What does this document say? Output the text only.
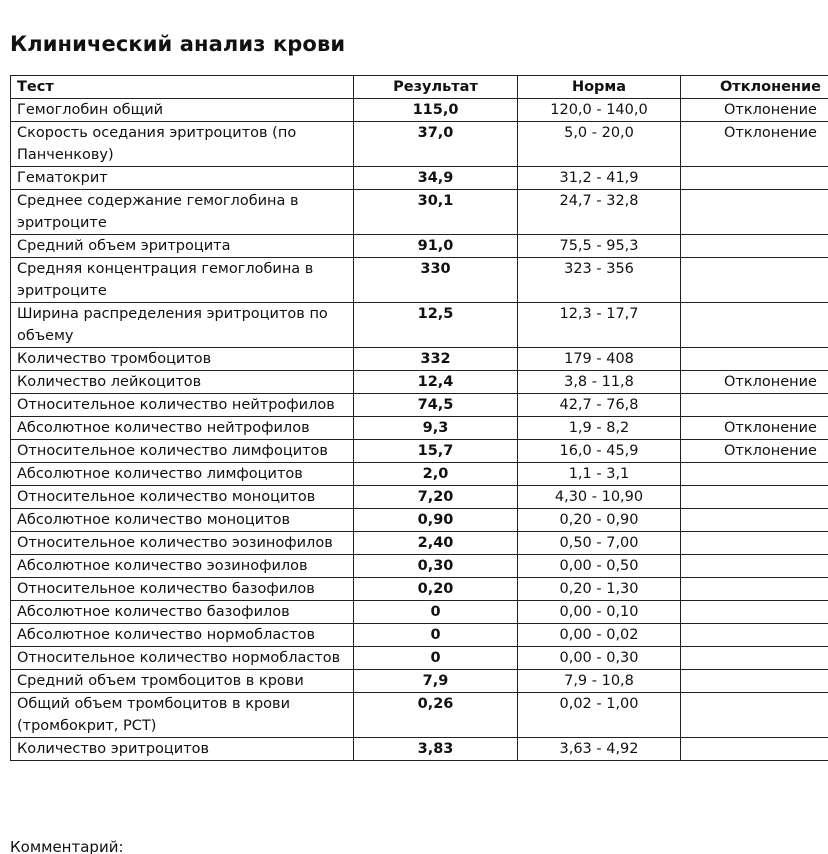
Клинический анализ крови
Тест	Результат	Норма	Отклонение
Гемоглобин общий	115,0	120,0 - 140,0	Отклонение
Скорость оседания эритроцитов (по Панченкову)	37,0	5,0 - 20,0	Отклонение
Гематокрит	34,9	31,2 - 41,9	
Среднее содержание гемоглобина в эритроците	30,1	24,7 - 32,8	
Средний объем эритроцита	91,0	75,5 - 95,3	
Средняя концентрация гемоглобина в эритроците	330	323 - 356	
Ширина распределения эритроцитов по объему	12,5	12,3 - 17,7	
Количество тромбоцитов	332	179 - 408	
Количество лейкоцитов	12,4	3,8 - 11,8	Отклонение
Относительное количество нейтрофилов	74,5	42,7 - 76,8	
Абсолютное количество нейтрофилов	9,3	1,9 - 8,2	Отклонение
Относительное количество лимфоцитов	15,7	16,0 - 45,9	Отклонение
Абсолютное количество лимфоцитов	2,0	1,1 - 3,1	
Относительное количество моноцитов	7,20	4,30 - 10,90	
Абсолютное количество моноцитов	0,90	0,20 - 0,90	
Относительное количество эозинофилов	2,40	0,50 - 7,00	
Абсолютное количество эозинофилов	0,30	0,00 - 0,50	
Относительное количество базофилов	0,20	0,20 - 1,30	
Абсолютное количество базофилов	0	0,00 - 0,10	
Абсолютное количество нормобластов	0	0,00 - 0,02	
Относительное количество нормобластов	0	0,00 - 0,30	
Средний объем тромбоцитов в крови	7,9	7,9 - 10,8	
Общий объем тромбоцитов в крови (тромбокрит, PCT)	0,26	0,02 - 1,00	
Количество эритроцитов	3,83	3,63 - 4,92	
Комментарий:
